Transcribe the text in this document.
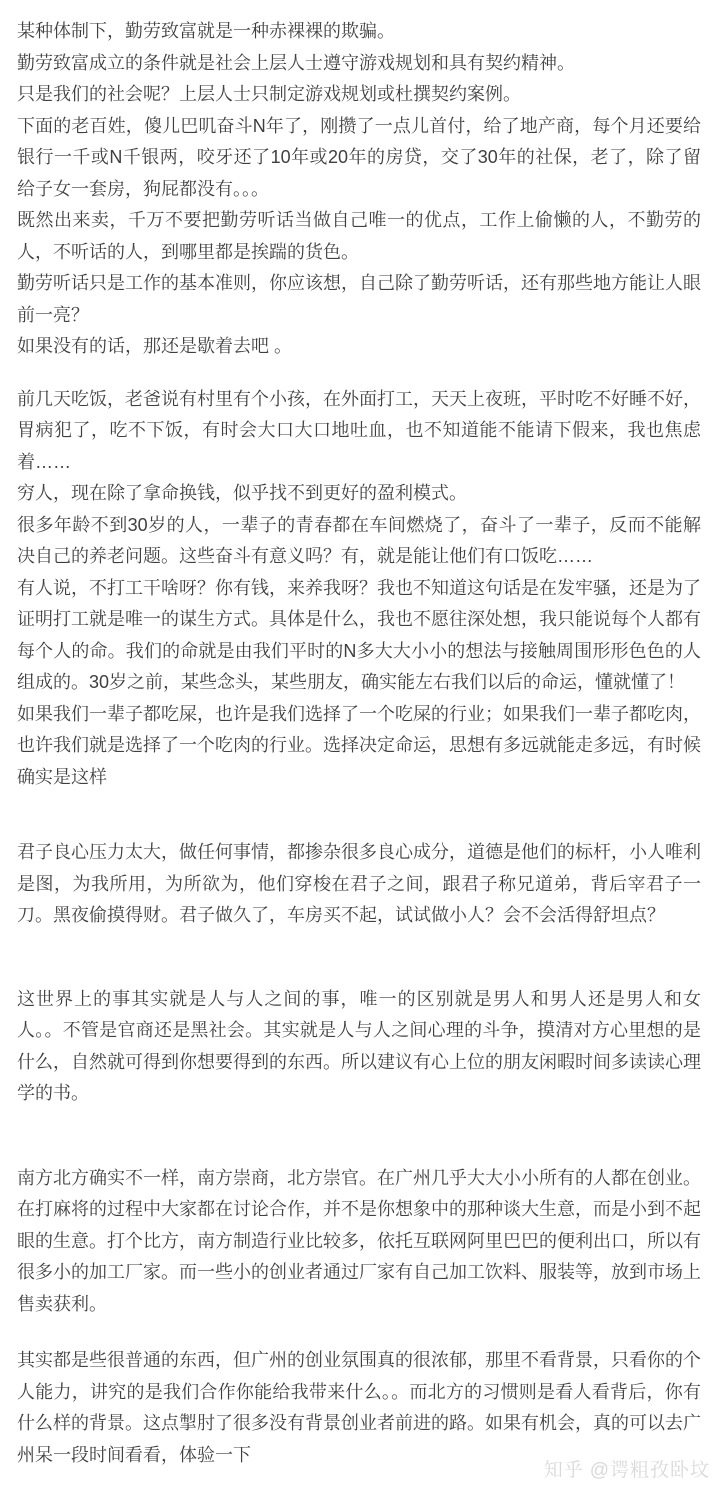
某种体制下，勤劳致富就是一种赤裸裸的欺骗。

勤劳致富成立的条件就是社会上层人士遵守游戏规划和具有契约精神。

只是我们的社会呢？上层人士只制定游戏规划或杜撰契约案例。

下面的老百姓，傻儿巴叽奋斗N年了，刚攒了一点儿首付，给了地产商，每个月还要给银行一千或N千银两，咬牙还了10年或20年的房贷，交了30年的社保，老了，除了留给子女一套房，狗屁都没有。。。

既然出来卖，千万不要把勤劳听话当做自己唯一的优点，工作上偷懒的人，不勤劳的人，不听话的人，到哪里都是挨踹的货色。

勤劳听话只是工作的基本准则，你应该想，自己除了勤劳听话，还有那些地方能让人眼前一亮？

如果没有的话，那还是歇着去吧 。

前几天吃饭，老爸说有村里有个小孩，在外面打工，天天上夜班，平时吃不好睡不好，胃病犯了，吃不下饭，有时会大口大口地吐血，也不知道能不能请下假来，我也焦虑着……

穷人，现在除了拿命换钱，似乎找不到更好的盈利模式。

很多年龄不到30岁的人，一辈子的青春都在车间燃烧了，奋斗了一辈子，反而不能解决自己的养老问题。这些奋斗有意义吗？有，就是能让他们有口饭吃……

有人说，不打工干啥呀？你有钱，来养我呀？我也不知道这句话是在发牢骚，还是为了证明打工就是唯一的谋生方式。具体是什么，我也不愿往深处想，我只能说每个人都有每个人的命。我们的命就是由我们平时的N多大大小小的想法与接触周围形形色色的人组成的。30岁之前，某些念头，某些朋友，确实能左右我们以后的命运，懂就懂了！

如果我们一辈子都吃屎，也许是我们选择了一个吃屎的行业；如果我们一辈子都吃肉，也许我们就是选择了一个吃肉的行业。选择决定命运，思想有多远就能走多远，有时候确实是这样

君子良心压力太大，做任何事情，都掺杂很多良心成分，道德是他们的标杆，小人唯利是图，为我所用，为所欲为，他们穿梭在君子之间，跟君子称兄道弟，背后宰君子一刀。黑夜偷摸得财。君子做久了，车房买不起，试试做小人？会不会活得舒坦点？

这世界上的事其实就是人与人之间的事，唯一的区别就是男人和男人还是男人和女人。。不管是官商还是黑社会。其实就是人与人之间心理的斗争，摸清对方心里想的是什么，自然就可得到你想要得到的东西。所以建议有心上位的朋友闲暇时间多读读心理学的书。

南方北方确实不一样，南方崇商，北方崇官。在广州几乎大大小小所有的人都在创业。在打麻将的过程中大家都在讨论合作，并不是你想象中的那种谈大生意，而是小到不起眼的生意。打个比方，南方制造行业比较多，依托互联网阿里巴巴的便利出口，所以有很多小的加工厂家。而一些小的创业者通过厂家有自己加工饮料、服装等，放到市场上售卖获利。

其实都是些很普通的东西，但广州的创业氛围真的很浓郁，那里不看背景，只看你的个人能力，讲究的是我们合作你能给我带来什么。。而北方的习惯则是看人看背后，你有什么样的背景。这点掣肘了很多没有背景创业者前进的路。如果有机会，真的可以去广州呆一段时间看看，体验一下

知乎 @谔粗孜卧坟
